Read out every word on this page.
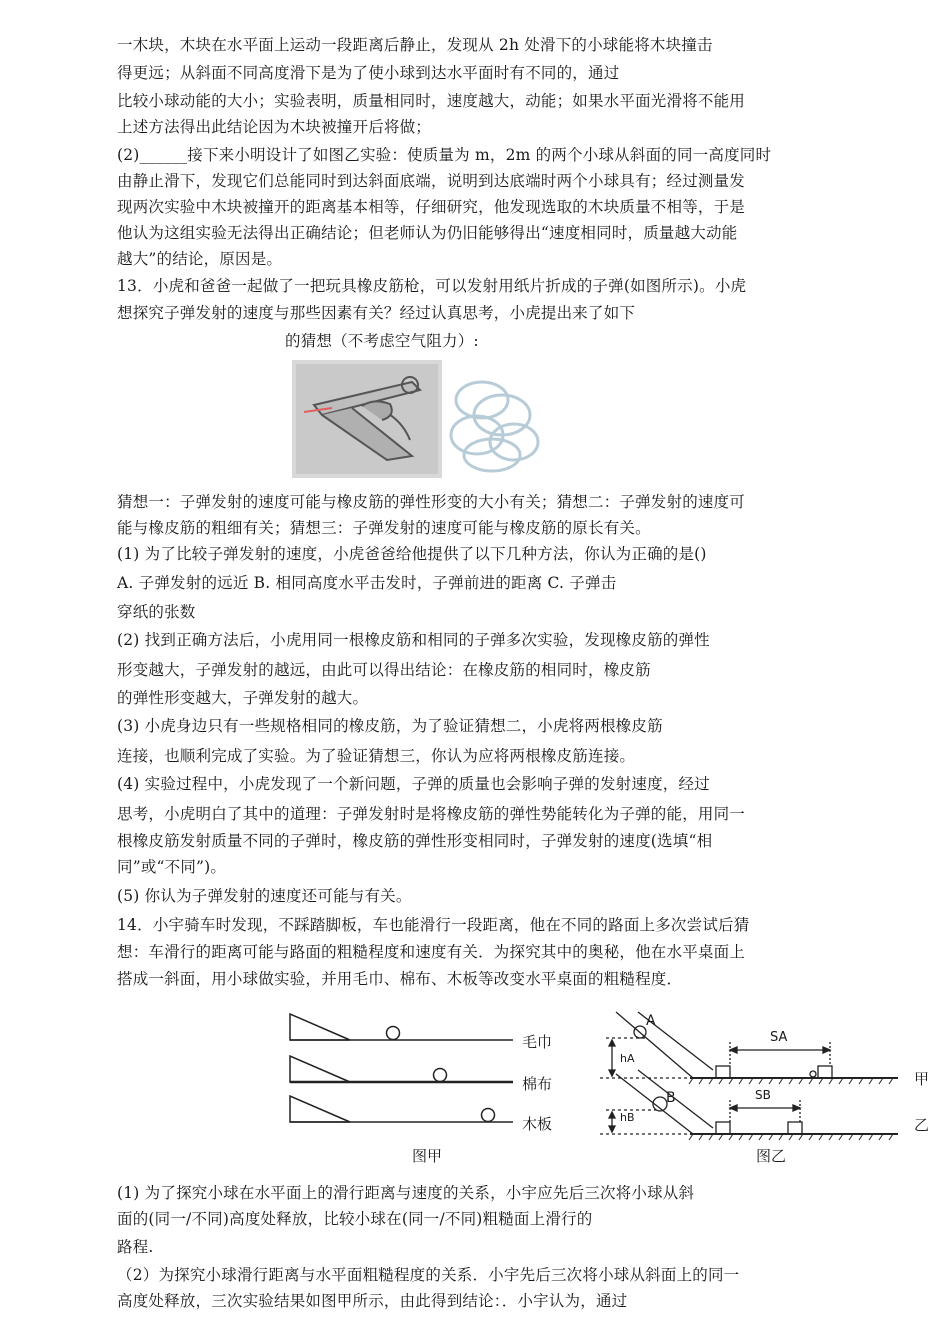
一木块，木块在水平面上运动一段距离后静止，发现从 2h 处滑下的小球能将木块撞击
得更远；从斜面不同高度滑下是为了使小球到达水平面时有不同的，通过
比较小球动能的大小；实验表明，质量相同时，速度越大，动能；如果水平面光滑将不能用
上述方法得出此结论因为木块被撞开后将做；
(2)______接下来小明设计了如图乙实验：使质量为 m，2m 的两个小球从斜面的同一高度同时
由静止滑下，发现它们总能同时到达斜面底端，说明到达底端时两个小球具有；经过测量发
现两次实验中木块被撞开的距离基本相等，仔细研究，他发现选取的木块质量不相等，于是
他认为这组实验无法得出正确结论；但老师认为仍旧能够得出“速度相同时，质量越大动能
越大”的结论，原因是。
13．小虎和爸爸一起做了一把玩具橡皮筋枪，可以发射用纸片折成的子弹(如图所示)。小虎
想探究子弹发射的速度与那些因素有关？经过认真思考，小虎提出来了如下
的猜想（不考虑空气阻力）:
猜想一：子弹发射的速度可能与橡皮筋的弹性形变的大小有关；猜想二：子弹发射的速度可
能与橡皮筋的粗细有关；猜想三：子弹发射的速度可能与橡皮筋的原长有关。
(1) 为了比较子弹发射的速度，小虎爸爸给他提供了以下几种方法，你认为正确的是()
A. 子弹发射的远近 B. 相同高度水平击发时，子弹前进的距离 C. 子弹击
穿纸的张数
(2) 找到正确方法后，小虎用同一根橡皮筋和相同的子弹多次实验，发现橡皮筋的弹性
形变越大，子弹发射的越远，由此可以得出结论：在橡皮筋的相同时，橡皮筋
的弹性形变越大，子弹发射的越大。
(3) 小虎身边只有一些规格相同的橡皮筋，为了验证猜想二，小虎将两根橡皮筋
连接，也顺利完成了实验。为了验证猜想三，你认为应将两根橡皮筋连接。
(4) 实验过程中，小虎发现了一个新问题，子弹的质量也会影响子弹的发射速度，经过
思考，小虎明白了其中的道理：子弹发射时是将橡皮筋的弹性势能转化为子弹的能，用同一
根橡皮筋发射质量不同的子弹时，橡皮筋的弹性形变相同时，子弹发射的速度(选填“相
同”或“不同”)。
(5) 你认为子弹发射的速度还可能与有关。
14．小宇骑车时发现，不踩踏脚板，车也能滑行一段距离，他在不同的路面上多次尝试后猜
想：车滑行的距离可能与路面的粗糙程度和速度有关．为探究其中的奥秘，他在水平桌面上
搭成一斜面，用小球做实验，并用毛巾、棉布、木板等改变水平桌面的粗糙程度．
毛巾
棉布
木板
图甲
A
B
hA
hB
SA
SB
甲
乙
图乙
(1) 为了探究小球在水平面上的滑行距离与速度的关系，小宇应先后三次将小球从斜
面的(同一/不同)高度处释放，比较小球在(同一/不同)粗糙面上滑行的
路程.
（2）为探究小球滑行距离与水平面粗糙程度的关系．小宇先后三次将小球从斜面上的同一
高度处释放，三次实验结果如图甲所示，由此得到结论：．小宇认为，通过
